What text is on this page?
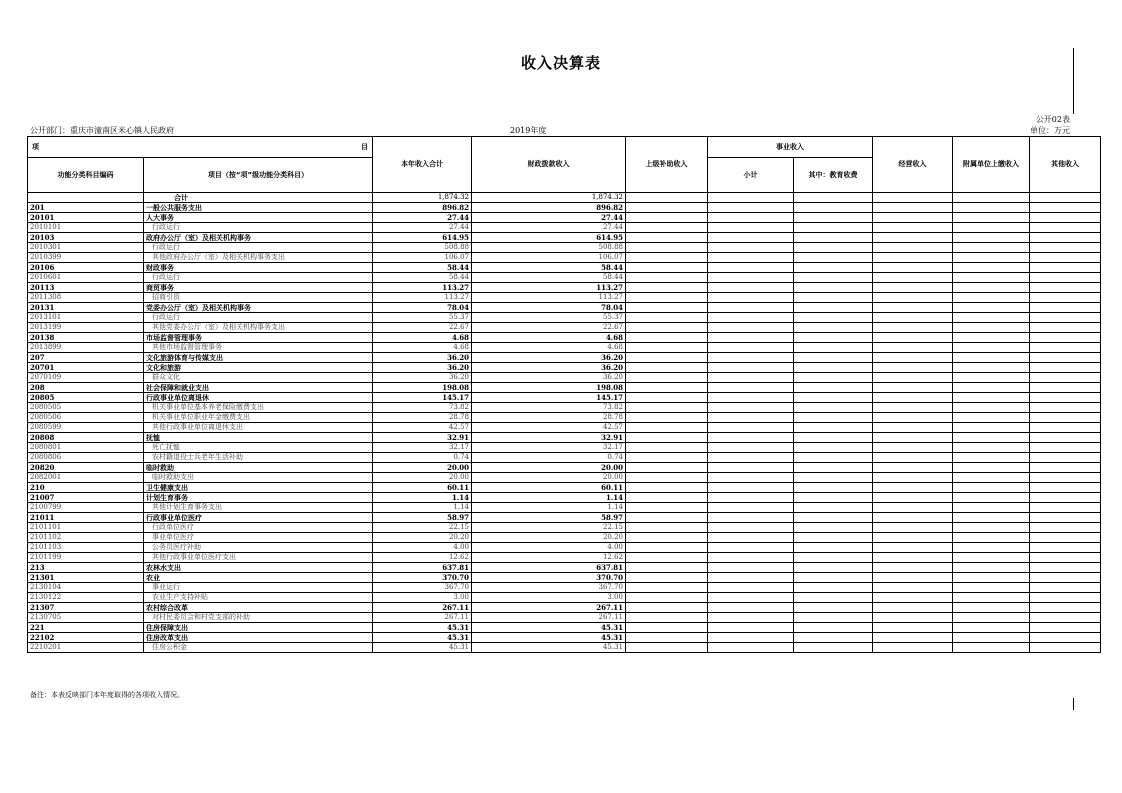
收入决算表
公开02表
公开部门：重庆市潼南区米心镇人民政府	2019年度	单位：万元
项 目		本年收入合计	财政拨款收入	上级补助收入	事业收入		经营收入	附属单位上缴收入	其他收入
功能分类科目编码	项目（按“项”级功能分类科目）				小计	其中：教育收费			

	合计	1,874.32	1,874.32						
201	一般公共服务支出	896.82	896.82						
20101	人大事务	27.44	27.44						
2010101	行政运行	27.44	27.44						
20103	政府办公厅（室）及相关机构事务	614.95	614.95						
2010301	行政运行	508.88	508.88						
2010399	其他政府办公厅（室）及相关机构事务支出	106.07	106.07						
20106	财政事务	58.44	58.44						
2010601	行政运行	58.44	58.44						
20113	商贸事务	113.27	113.27						
2011308	招商引资	113.27	113.27						
20131	党委办公厅（室）及相关机构事务	78.04	78.04						
2013101	行政运行	55.37	55.37						
2013199	其他党委办公厅（室）及相关机构事务支出	22.67	22.67						
20138	市场监督管理事务	4.68	4.68						
2013899	其他市场监督管理事务	4.68	4.68						
207	文化旅游体育与传媒支出	36.20	36.20						
20701	文化和旅游	36.20	36.20						
2070109	群众文化	36.20	36.20						
208	社会保障和就业支出	198.08	198.08						
20805	行政事业单位离退休	145.17	145.17						
2080505	机关事业单位基本养老保险缴费支出	73.82	73.82						
2080506	机关事业单位职业年金缴费支出	28.78	28.78						
2080599	其他行政事业单位离退休支出	42.57	42.57						
20808	抚恤	32.91	32.91						
2080801	死亡抚恤	32.17	32.17						
2080806	农村籍退役士兵老年生活补助	0.74	0.74						
20820	临时救助	20.00	20.00						
2082001	临时救助支出	20.00	20.00						
210	卫生健康支出	60.11	60.11						
21007	计划生育事务	1.14	1.14						
2100799	其他计划生育事务支出	1.14	1.14						
21011	行政事业单位医疗	58.97	58.97						
2101101	行政单位医疗	22.15	22.15						
2101102	事业单位医疗	20.20	20.20						
2101103	公务员医疗补助	4.00	4.00						
2101199	其他行政事业单位医疗支出	12.62	12.62						
213	农林水支出	637.81	637.81						
21301	农业	370.70	370.70						
2130104	事业运行	367.70	367.70						
2130122	农业生产支持补贴	3.00	3.00						
21307	农村综合改革	267.11	267.11						
2130705	对村民委员会和村党支部的补助	267.11	267.11						
221	住房保障支出	45.31	45.31						
22102	住房改革支出	45.31	45.31						
2210201	住房公积金	45.31	45.31						
备注：本表反映部门本年度取得的各项收入情况。
